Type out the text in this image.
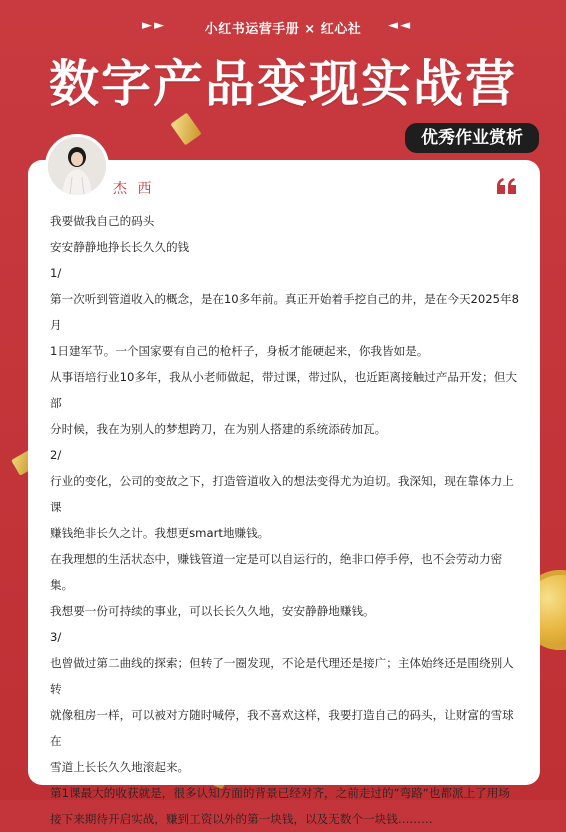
► ►	小红书运营手册 × 红心社 ◄ ◄
数字产品变现实战营
优秀作业赏析
杰 西

我要做我自己的码头

安安静静地挣长长久久的钱

1/

第一次听到管道收入的概念，是在10多年前。真正开始着手挖自己的井，是在今天2025年8月

1日建军节。一个国家要有自己的枪杆子，身板才能硬起来，你我皆如是。

从事语培行业10多年，我从小老师做起，带过课，带过队，也近距离接触过产品开发；但大部

分时候，我在为别人的梦想跨刀，在为别人搭建的系统添砖加瓦。

2/

行业的变化，公司的变故之下，打造管道收入的想法变得尤为迫切。我深知，现在靠体力上课

赚钱绝非长久之计。我想更smart地赚钱。

在我理想的生活状态中，赚钱管道一定是可以自运行的，绝非口停手停，也不会劳动力密集。

我想要一份可持续的事业，可以长长久久地，安安静静地赚钱。

3/

也曾做过第二曲线的探索；但转了一圈发现，不论是代理还是接广；主体始终还是围绕别人转

就像租房一样，可以被对方随时喊停，我不喜欢这样，我要打造自己的码头，让财富的雪球在

雪道上长长久久地滚起来。

第1课最大的收获就是，很多认知方面的背景已经对齐，之前走过的“弯路“也都派上了用场

接下来期待开启实战，赚到工资以外的第一块钱，以及无数个一块钱………
